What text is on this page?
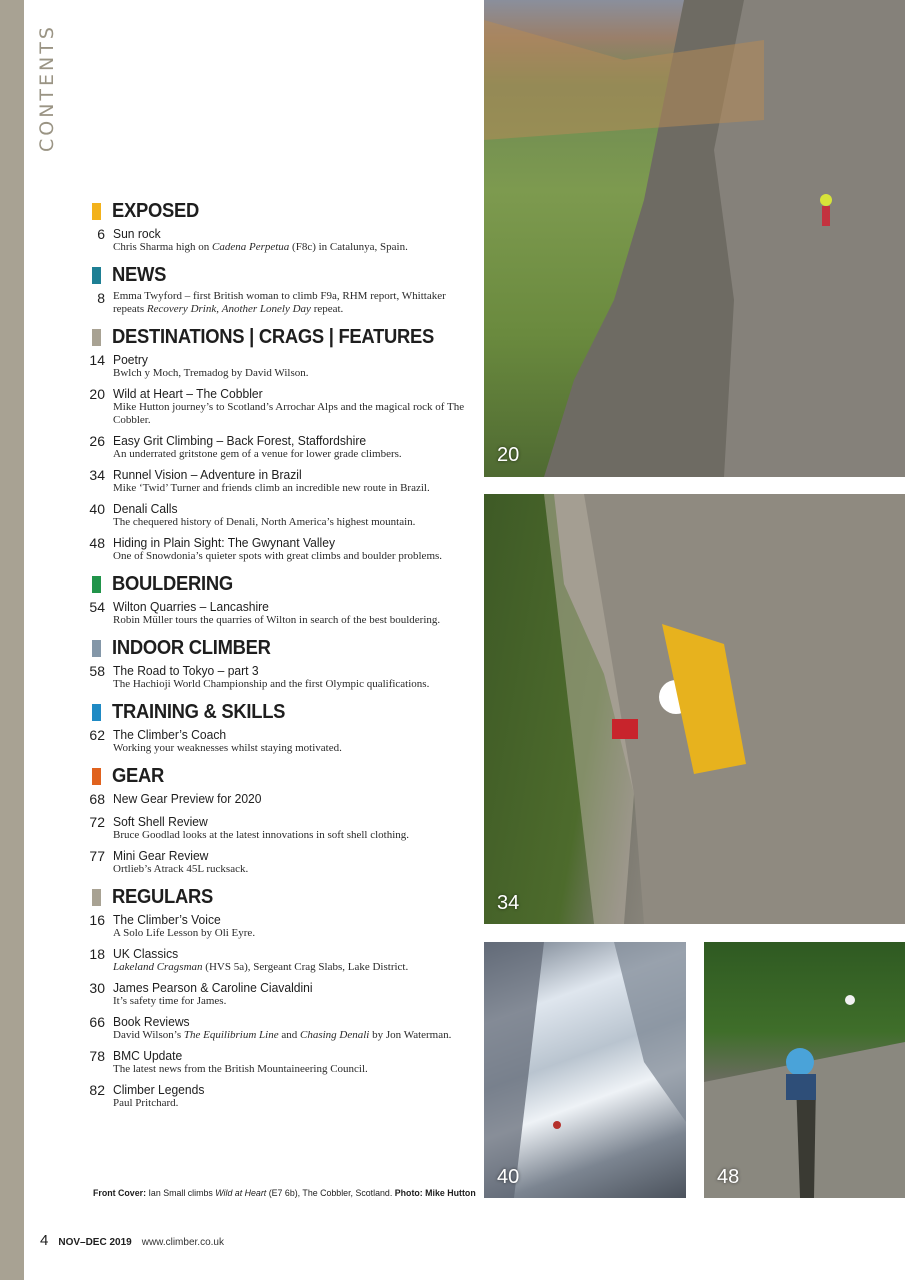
CONTENTS
EXPOSED
6 Sun rock
Chris Sharma high on Cadena Perpetua (F8c) in Catalunya, Spain.
NEWS
8 Emma Twyford – first British woman to climb F9a, RHM report, Whittaker repeats Recovery Drink, Another Lonely Day repeat.
DESTINATIONS | CRAGS | FEATURES
14 Poetry
Bwlch y Moch, Tremadog by David Wilson.
20 Wild at Heart – The Cobbler
Mike Hutton journey’s to Scotland’s Arrochar Alps and the magical rock of The Cobbler.
26 Easy Grit Climbing – Back Forest, Staffordshire
An underrated gritstone gem of a venue for lower grade climbers.
34 Runnel Vision – Adventure in Brazil
Mike ‘Twid’ Turner and friends climb an incredible new route in Brazil.
40 Denali Calls
The chequered history of Denali, North America’s highest mountain.
48 Hiding in Plain Sight: The Gwynant Valley
One of Snowdonia’s quieter spots with great climbs and boulder problems.
BOULDERING
54 Wilton Quarries – Lancashire
Robin Müller tours the quarries of Wilton in search of the best bouldering.
INDOOR CLIMBER
58 The Road to Tokyo – part 3
The Hachioji World Championship and the first Olympic qualifications.
TRAINING & SKILLS
62 The Climber’s Coach
Working your weaknesses whilst staying motivated.
GEAR
68 New Gear Preview for 2020
72 Soft Shell Review
Bruce Goodlad looks at the latest innovations in soft shell clothing.
77 Mini Gear Review
Ortlieb’s Atrack 45L rucksack.
REGULARS
16 The Climber’s Voice
A Solo Life Lesson by Oli Eyre.
18 UK Classics
Lakeland Cragsman (HVS 5a), Sergeant Crag Slabs, Lake District.
30 James Pearson & Caroline Ciavaldini
It’s safety time for James.
66 Book Reviews
David Wilson’s The Equilibrium Line and Chasing Denali by Jon Waterman.
78 BMC Update
The latest news from the British Mountaineering Council.
82 Climber Legends
Paul Pritchard.
Front Cover: Ian Small climbs Wild at Heart (E7 6b), The Cobbler, Scotland. Photo: Mike Hutton
4 NOV–DEC 2019 www.climber.co.uk
20
34
40	48
